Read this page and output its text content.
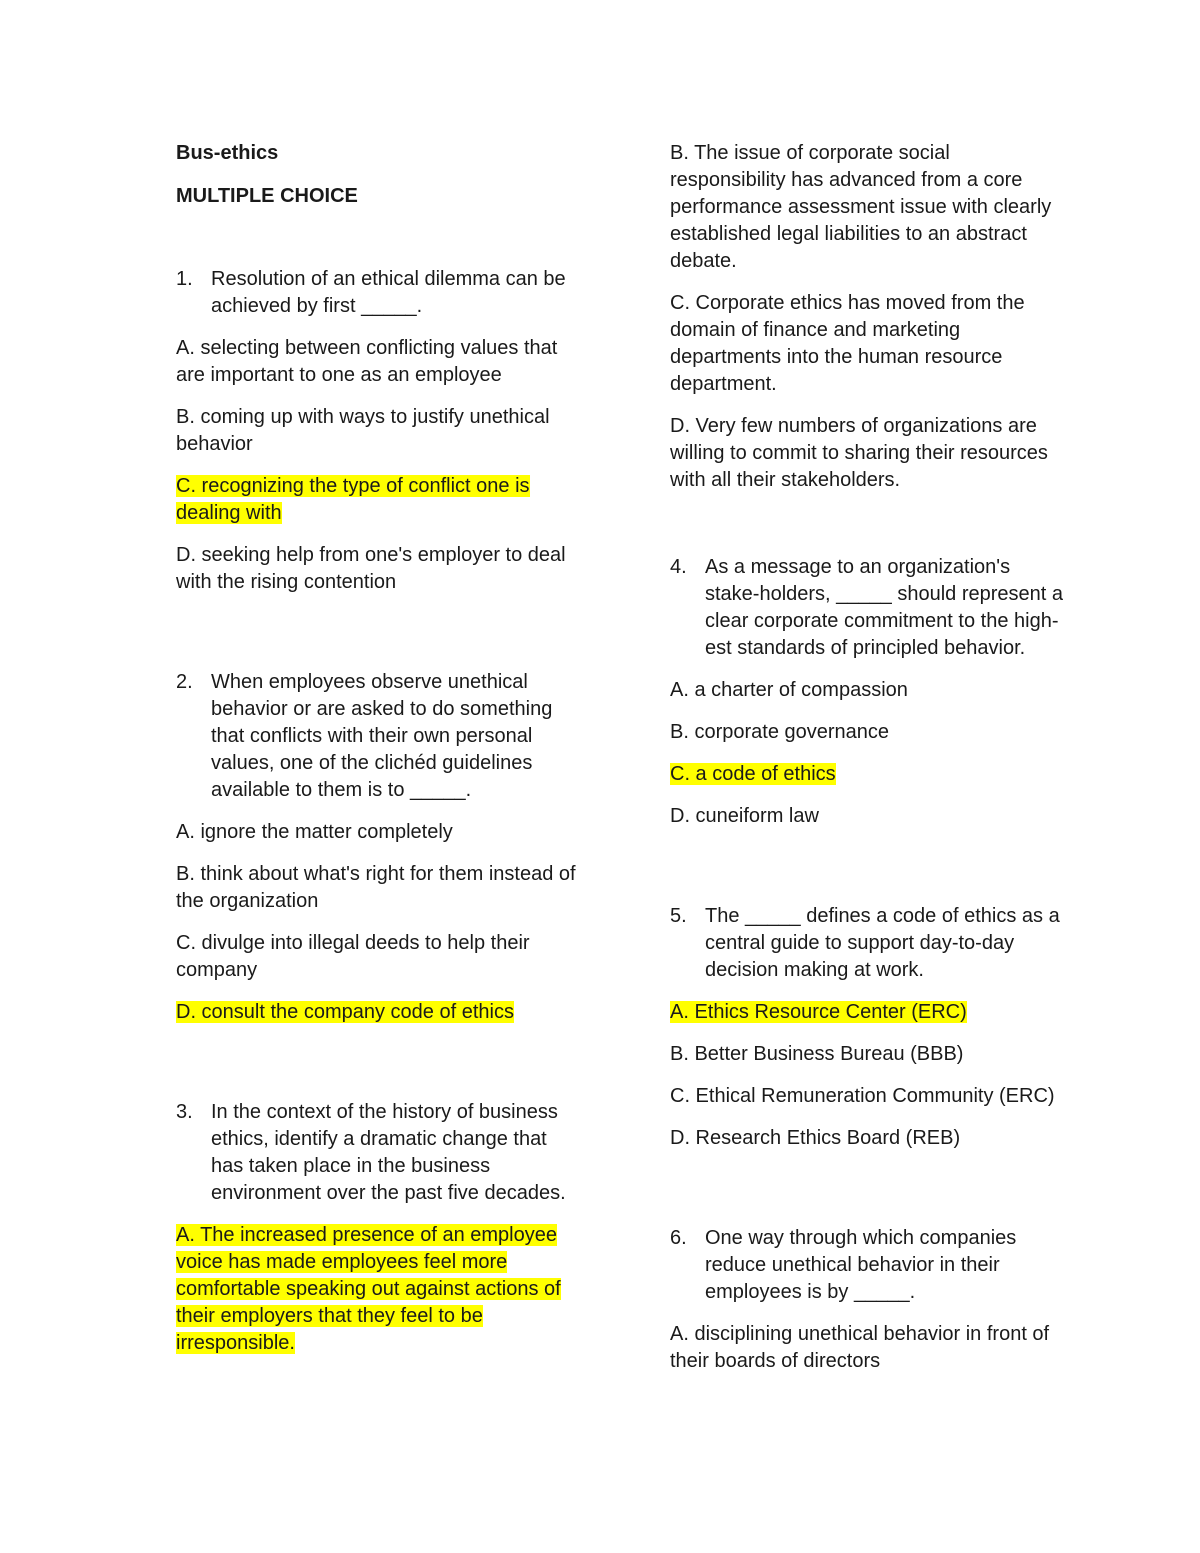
Bus-ethics

MULTIPLE CHOICE

1. Resolution of an ethical dilemma can be achieved by first _____.
A. selecting between conflicting values that are important to one as an employee
B. coming up with ways to justify unethical behavior
C. recognizing the type of conflict one is dealing with
D. seeking help from one's employer to deal with the rising contention
2. When employees observe unethical behavior or are asked to do something that conflicts with their own personal values, one of the clichéd guidelines available to them is to _____.
A. ignore the matter completely
B. think about what's right for them instead of the organization
C. divulge into illegal deeds to help their company
D. consult the company code of ethics
3. In the context of the history of business ethics, identify a dramatic change that has taken place in the business environment over the past five decades.
A. The increased presence of an employee voice has made employees feel more comfortable speaking out against actions of their employers that they feel to be irresponsible.
B. The issue of corporate social responsibility has advanced from a core performance assessment issue with clearly established legal liabilities to an abstract debate.
C. Corporate ethics has moved from the domain of finance and marketing departments into the human resource department.
D. Very few numbers of organizations are willing to commit to sharing their resources with all their stakeholders.
4. As a message to an organization's stake-holders, _____ should represent a clear corporate commitment to the high-est standards of principled behavior.
A. a charter of compassion
B. corporate governance
C. a code of ethics
D. cuneiform law
5. The _____ defines a code of ethics as a central guide to support day-to-day decision making at work.
A. Ethics Resource Center (ERC)
B. Better Business Bureau (BBB)
C. Ethical Remuneration Community (ERC)
D. Research Ethics Board (REB)
6. One way through which companies reduce unethical behavior in their employees is by _____.
A. disciplining unethical behavior in front of their boards of directors
